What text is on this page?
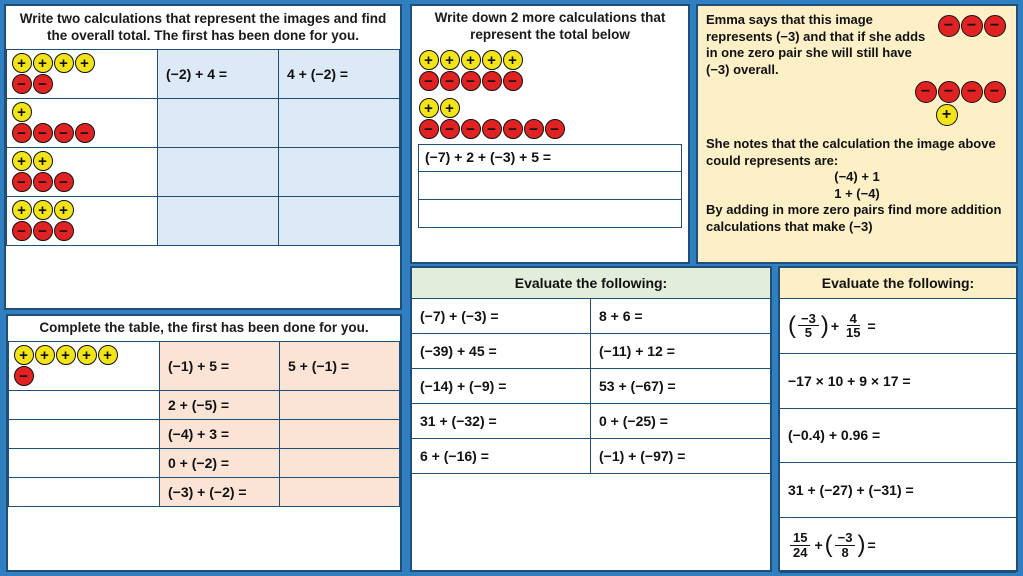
Write two calculations that represent the images and find the overall total. The first has been done for you.
+ + + +
− −
	(−2) + 4 =	4 + (−2) =

+
− − − −		

+ +
− − −		

+ + +
− − −

Complete the table, the first has been done for you.
+ + + + +
−
	(−1) + 5 =	5 + (−1) =
	2 + (−5) =	
	(−4) + 3 =	
	0 + (−2) =	
	(−3) + (−2) =	
Write down 2 more calculations that represent the total below
+ + + + +
− − − − −
+ +
− − − − − − −
(−7) + 2 + (−3) + 5 =
Emma says that this image represents (−3) and that if she adds in one zero pair she will still have (−3) overall.
− − −
− − − −
+
She notes that the calculation the image above could represents are:
(−4) + 1
1 + (−4)
By adding in more zero pairs find more addition calculations that make (−3)
Evaluate the following:
(−7) + (−3) =	8 + 6 =
(−39) + 45 =	(−11) + 12 =
(−14) + (−9) =	53 + (−67) =
31 + (−32) =	0 + (−25) =
6 + (−16) =	(−1) + (−97) =
Evaluate the following:
( $\frac{-3}{5}$ ) + $\frac{4}{15}$ =
−17 × 10 + 9 × 17 =
(−0.4) + 0.96 =
31 + (−27) + (−31) =
$\frac{15}{24}$ + ( $\frac{-3}{8}$ ) =
